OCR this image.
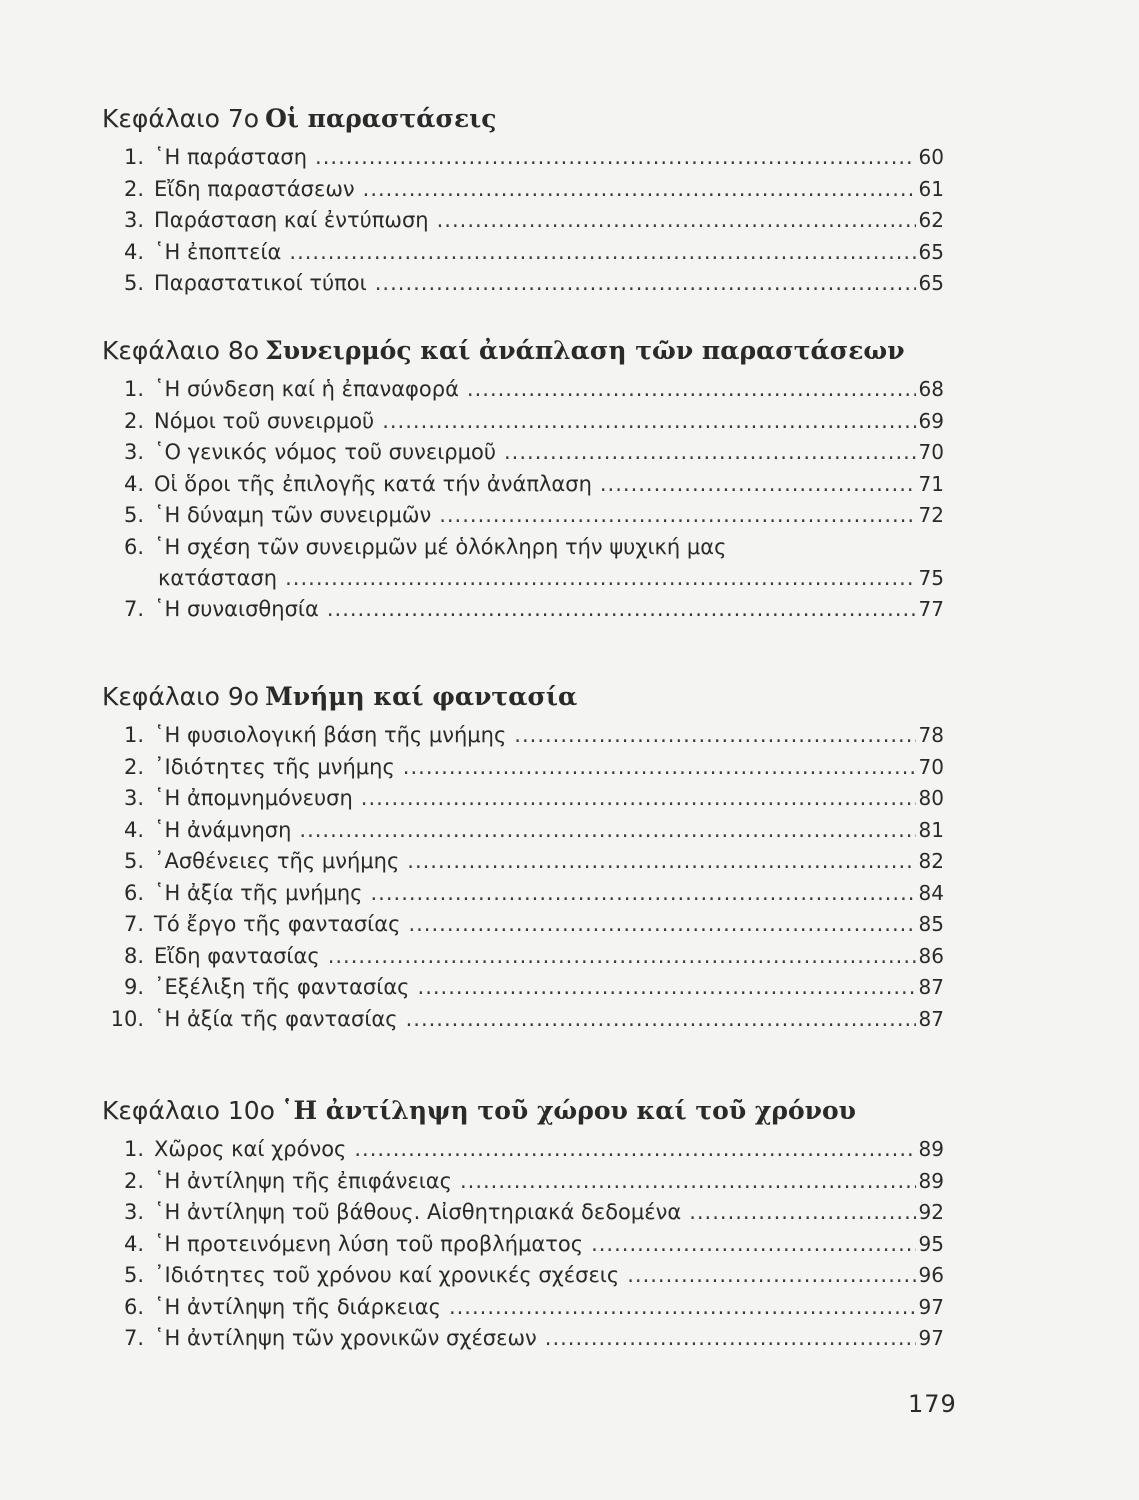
Κεφάλαιο 7ο Οἱ παραστάσεις
1. ῾Η παράσταση .....	60
2. Εἴδη παραστάσεων .....	61
3. Παράσταση καί ἐντύπωση .....	62
4. ῾Η ἐποπτεία .....	65
5. Παραστατικοί τύποι .....	65
Κεφάλαιο 8ο Συνειρμός καί ἀνάπλαση τῶν παραστάσεων
1. ῾Η σύνδεση καί ἡ ἐπαναφορά .....	68
2. Νόμοι τοῦ συνειρμοῦ .....	69
3. ῾Ο γενικός νόμος τοῦ συνειρμοῦ .....	70
4. Οἱ ὅροι τῆς ἐπιλογῆς κατά τήν ἀνάπλαση .....	71
5. ῾Η δύναμη τῶν συνειρμῶν .....	72
6. ῾Η σχέση τῶν συνειρμῶν μέ ὁλόκληρη τήν ψυχική μας
κατάσταση .....	75
7. ῾Η συναισθησία .....	77
Κεφάλαιο 9ο Μνήμη καί φαντασία
1. ῾Η φυσιολογική βάση τῆς μνήμης .....	78
2. ᾿Ιδιότητες τῆς μνήμης .....	70
3. ῾Η ἀπομνημόνευση .....	80
4. ῾Η ἀνάμνηση .....	81
5. ᾿Ασθένειες τῆς μνήμης .....	82
6. ῾Η ἀξία τῆς μνήμης .....	84
7. Τό ἔργο τῆς φαντασίας .....	85
8. Εἴδη φαντασίας .....	86
9. ᾿Εξέλιξη τῆς φαντασίας .....	87
10. ῾Η ἀξία τῆς φαντασίας .....	87
Κεφάλαιο 10ο ῾Η ἀντίληψη τοῦ χώρου καί τοῦ χρόνου
1. Χῶρος καί χρόνος .....	89
2. ῾Η ἀντίληψη τῆς ἐπιφάνειας .....	89
3. ῾Η ἀντίληψη τοῦ βάθους. Αἰσθητηριακά δεδομένα .....	92
4. ῾Η προτεινόμενη λύση τοῦ προβλήματος .....	95
5. ᾿Ιδιότητες τοῦ χρόνου καί χρονικές σχέσεις .....	96
6. ῾Η ἀντίληψη τῆς διάρκειας .....	97
7. ῾Η ἀντίληψη τῶν χρονικῶν σχέσεων .....	97
179
